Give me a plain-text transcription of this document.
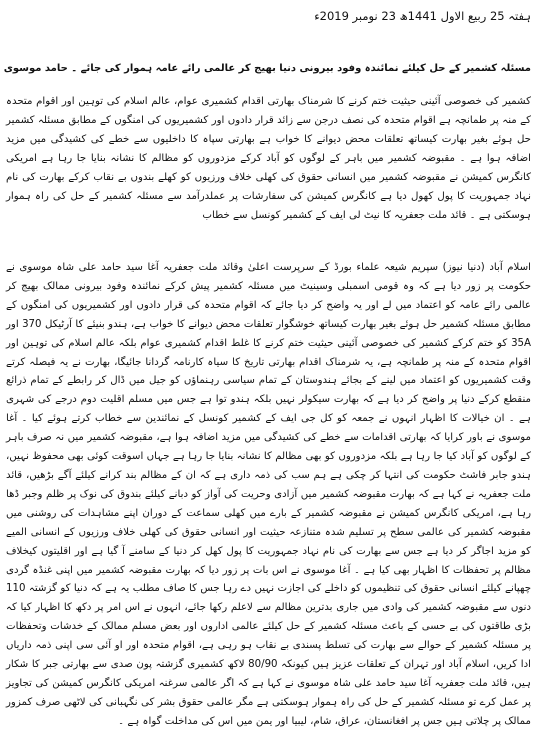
ہفتہ 25 ربیع الاول 1441ھ 23 نومبر 2019ء
مسئلہ کشمیر کے حل کیلئے نمائندہ وفود بیرونی دنیا بھیج کر عالمی رائے عامہ ہموار کی جائے ۔ حامد موسوی
کشمیر کی خصوصی آئینی حیثیت ختم کرنے کا شرمناک بھارتی اقدام کشمیری عوام، عالم اسلام کی توہین اور اقوام متحدہ کے منہ پر طمانچہ ہے اقوام متحدہ کی نصف درجن سے زائد قرار دادوں اور کشمیریوں کی امنگوں کے مطابق مسئلہ کشمیر حل ہوئے بغیر بھارت کیساتھ تعلقات محض دیوانے کا خواب ہے بھارتی سپاہ کا داخلیوں سے خطے کی کشیدگی میں مزید اضافہ ہوا ہے ۔ مقبوضہ کشمیر میں باہر کے لوگوں کو آباد کرکے مزدوروں کو مظالم کا نشانہ بنایا جا رہا ہے امریکی کانگرس کمیشن نے مقبوضہ کشمیر میں انسانی حقوق کی کھلی خلاف ورزیوں کو کھلے بندوں بے نقاب کرکے بھارت کی نام نہاد جمہوریت کا پول کھول دیا ہے کانگرس کمیشن کی سفارشات پر عملدرآمد سے مسئلہ کشمیر کے حل کی راہ ہموار ہوسکتی ہے ۔ قائد ملت جعفریہ کا نیٹ لی ایف کے کشمیر کونسل سے خطاب
اسلام آباد (دنیا نیوز) سپریم شیعہ علماء بورڈ کے سرپرست اعلیٰ وقائد ملت جعفریہ آغا سید حامد علی شاہ موسوی نے حکومت پر زور دیا ہے کہ وہ قومی اسمبلی وسینیٹ میں مسئلہ کشمیر پیش کرکے نمائندہ وفود بیرونی ممالک بھیج کر عالمی رائے عامہ کو اعتماد میں لے اور یہ واضح کر دیا جائے کہ اقوام متحدہ کی قرار دادوں اور کشمیریوں کی امنگوں کے مطابق مسئلہ کشمیر حل ہوئے بغیر بھارت کیساتھ خوشگوار تعلقات محض دیوانے کا خواب ہے، ہندو بنیئے کا آرٹیکل 370 اور 35A کو ختم کرکے کشمیر کی خصوصی آئینی حیثیت ختم کرنے کا غلط اقدام کشمیری عوام بلکہ عالم اسلام کی توہین اور اقوام متحدہ کے منہ پر طمانچہ ہے، یہ شرمناک اقدام بھارتی تاریخ کا سیاہ کارنامہ گردانا جائیگا، بھارت نے یہ فیصلہ کرتے وقت کشمیریوں کو اعتماد میں لینے کے بجائے ہندوستان کے تمام سیاسی رہنماؤں کو جیل میں ڈال کر رابطے کے تمام ذرائع منقطع کرکے دنیا پر واضح کر دیا ہے کہ بھارت سیکولر نہیں بلکہ ہندو توا ہے جس میں مسلم اقلیت دوم درجے کی شہری ہے ۔ ان خیالات کا اظہار انہوں نے جمعہ کو کل جی ایف کے کشمیر کونسل کے نمائندین سے خطاب کرتے ہوئے کیا ۔ آغا موسوی نے باور کرایا کہ بھارتی اقدامات سے خطے کی کشیدگی میں مزید اضافہ ہوا ہے، مقبوضہ کشمیر میں نہ صرف باہر کے لوگوں کو آباد کیا جا رہا ہے بلکہ مزدوروں کو بھی مظالم کا نشانہ بنایا جا رہا ہے جہاں اسوقت کوئی بھی محفوظ نہیں، ہندو جابر فاشٹ حکومت کی انتہا کر چکی ہے ہم سب کی ذمہ داری ہے کہ ان کے مظالم بند کرانے کیلئے آگے بڑھیں، قائد ملت جعفریہ نے کہا ہے کہ بھارت مقبوضہ کشمیر میں آزادی وحریت کی آواز کو دبانے کیلئے بندوق کی نوک پر ظلم وجبر ڈھا رہا ہے، امریکی کانگرس کمیشن نے مقبوضہ کشمیر کے بارے میں کھلی سماعت کے دوران اپنے مشاہدات کی روشنی میں مقبوضہ کشمیر کی عالمی سطح پر تسلیم شدہ متنازعہ حیثیت اور انسانی حقوق کی کھلی خلاف ورزیوں کے انسانی المیے کو مزید اجاگر کر دیا ہے جس سے بھارت کی نام نہاد جمہوریت کا پول کھل کر دنیا کے سامنے آ گیا ہے اور اقلیتوں کیخلاف مظالم پر تحفظات کا اظہار بھی کیا ہے ۔ آغا موسوی نے اس بات پر زور دیا کہ بھارت مقبوضہ کشمیر میں اپنی غنڈہ گردی چھپانے کیلئے انسانی حقوق کی تنظیموں کو داخلے کی اجازت نہیں دے رہا جس کا صاف مطلب یہ ہے کہ دنیا کو گزشتہ 110 دنوں سے مقبوضہ کشمیر کی وادی میں جاری بدترین مظالم سے لاعلم رکھا جائے، انہوں نے اس امر پر دکھ کا اظہار کیا کہ بڑی طاقتوں کی بے حسی کے باعث مسئلہ کشمیر کے حل کیلئے عالمی اداروں اور بعض مسلم ممالک کے خدشات وتحفظات پر مسئلہ کشمیر کے حوالے سے بھارت کی تسلط پسندی بے نقاب ہو رہی ہے، اقوام متحدہ اور او آئی سی اپنی ذمہ داریاں ادا کریں، اسلام آباد اور تہران کے تعلقات عزیز ہیں کیونکہ 80/90 لاکھ کشمیری گزشتہ پون صدی سے بھارتی جبر کا شکار ہیں، قائد ملت جعفریہ آغا سید حامد علی شاہ موسوی نے کہا ہے کہ اگر عالمی سرغنہ امریکی کانگرس کمیشن کی تجاویز پر عمل کرے تو مسئلہ کشمیر کے حل کی راہ ہموار ہوسکتی ہے مگر عالمی حقوق بشر کی نگہبانی کی لاٹھی صرف کمزور ممالک پر چلاتی ہیں جس پر افغانستان، عراق، شام، لیبیا اور یمن میں اس کی مداخلت گواہ ہے ۔
